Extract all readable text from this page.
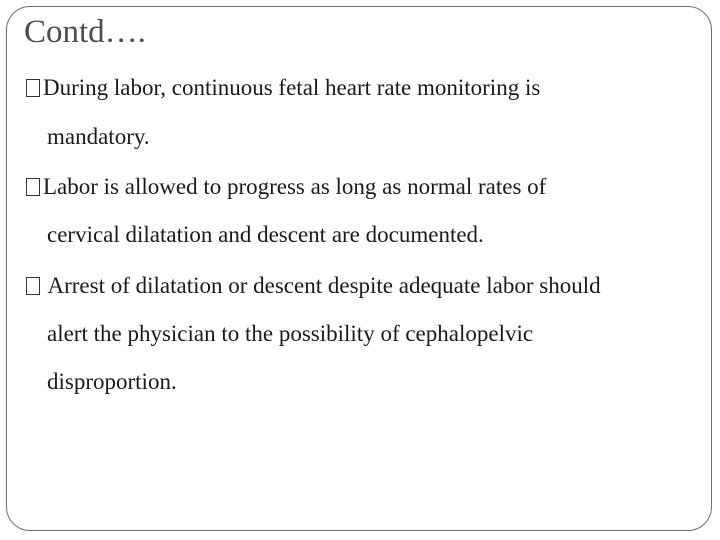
Contd….
During labor, continuous fetal heart rate monitoring is
mandatory.
Labor is allowed to progress as long as normal rates of
cervical dilatation and descent are documented.
Arrest of dilatation or descent despite adequate labor should
alert the physician to the possibility of cephalopelvic
disproportion.
